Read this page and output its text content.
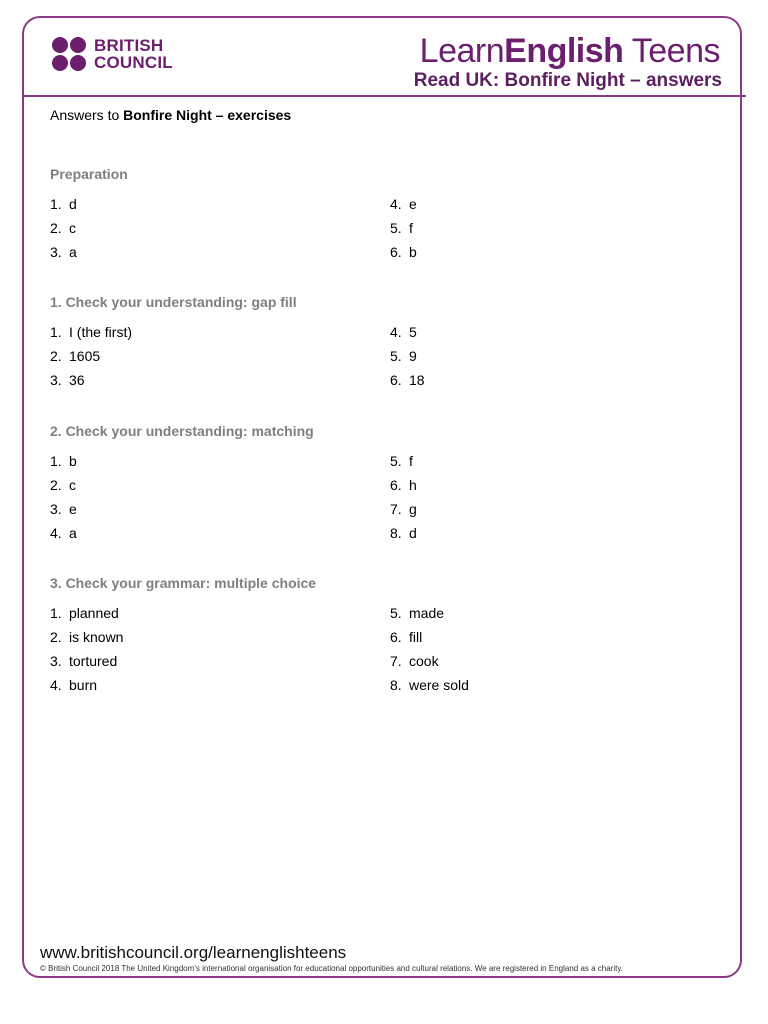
BRITISH
COUNCIL	LearnEnglish Teens
Read UK: Bonfire Night – answers
Answers to Bonfire Night – exercises
Preparation
1. d
2. c
3. a
4. e
5. f
6. b
1. Check your understanding: gap fill
1. I (the first)
2. 1605
3. 36
4. 5
5. 9
6. 18
2. Check your understanding: matching
1. b
2. c
3. e
4. a
5. f
6. h
7. g
8. d
3. Check your grammar: multiple choice
1. planned
2. is known
3. tortured
4. burn
5. made
6. fill
7. cook
8. were sold
www.britishcouncil.org/learnenglishteens
© British Council 2018 The United Kingdom’s international organisation for educational opportunities and cultural relations. We are registered in England as a charity.
